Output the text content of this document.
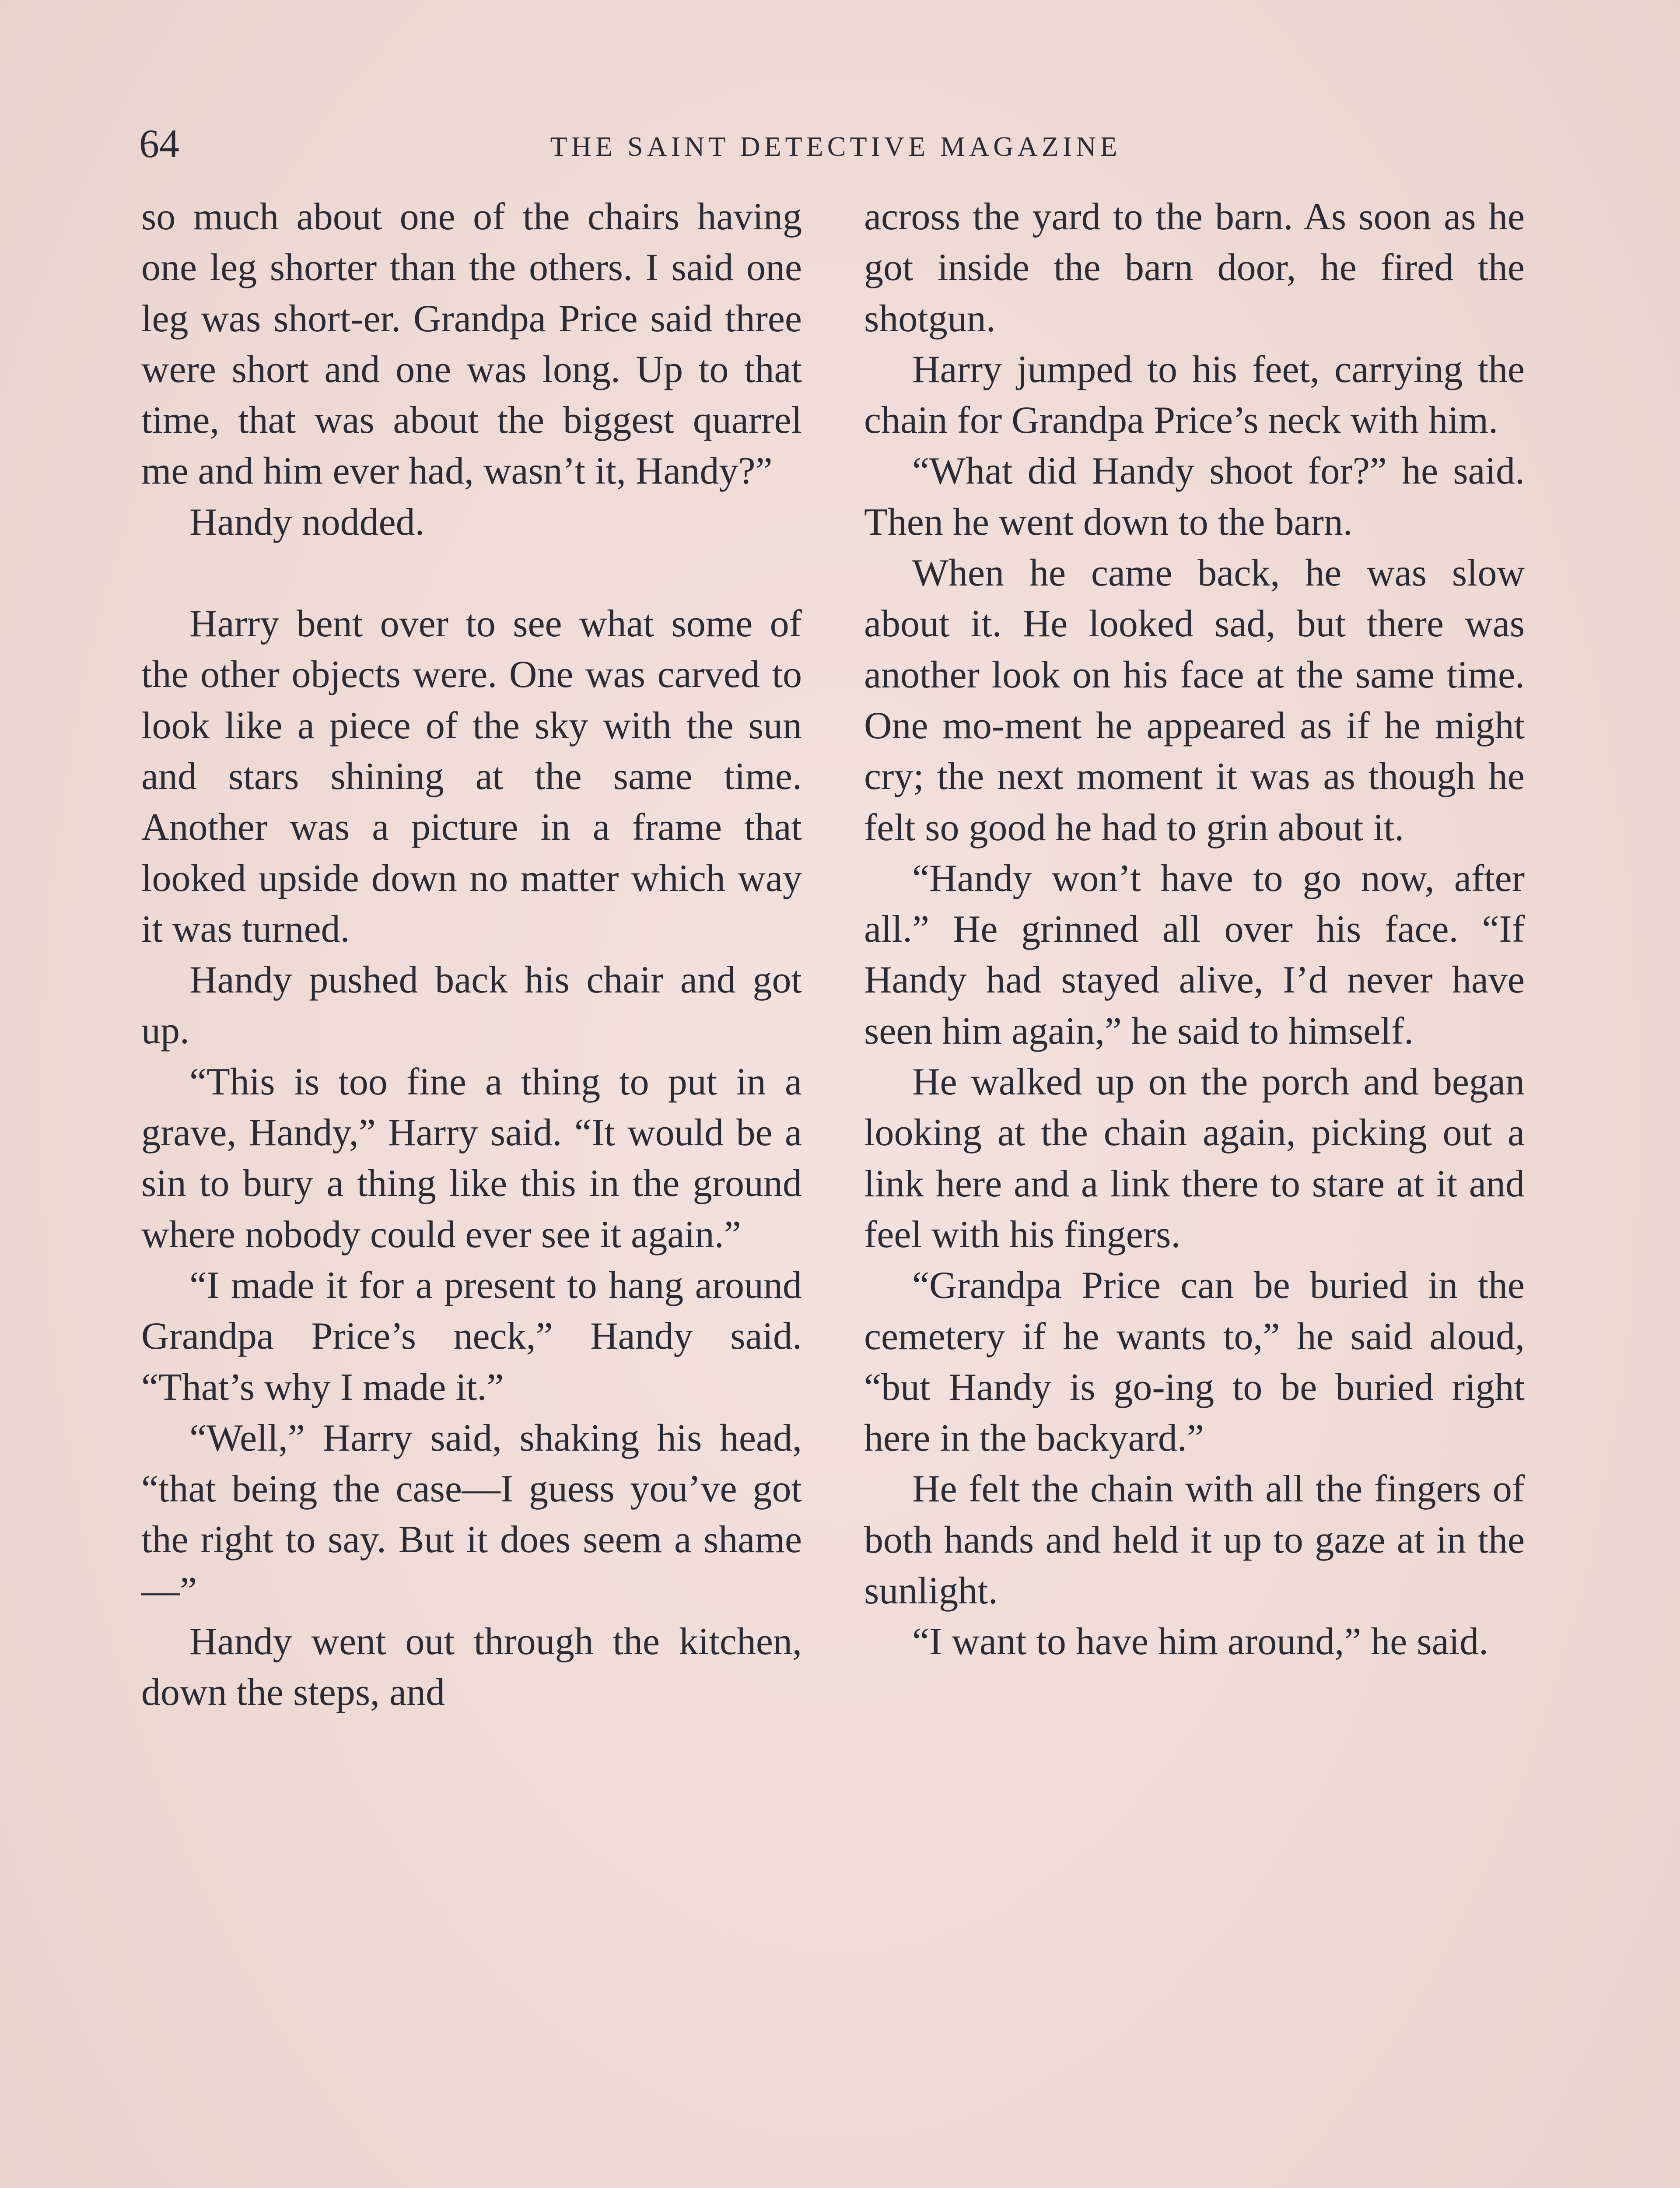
64	THE SAINT DETECTIVE MAGAZINE

so much about one of the chairs having one leg shorter than the others. I said one leg was short-er. Grandpa Price said three were short and one was long. Up to that time, that was about the biggest quarrel me and him ever had, wasn’t it, Handy?”

Handy nodded.

Harry bent over to see what some of the other objects were. One was carved to look like a piece of the sky with the sun and stars shining at the same time. Another was a picture in a frame that looked upside down no matter which way it was turned.

Handy pushed back his chair and got up.

“This is too fine a thing to put in a grave, Handy,” Harry said. “It would be a sin to bury a thing like this in the ground where nobody could ever see it again.”

“I made it for a present to hang around Grandpa Price’s neck,” Handy said. “That’s why I made it.”

“Well,” Harry said, shaking his head, “that being the case—I guess you’ve got the right to say. But it does seem a shame—”

Handy went out through the kitchen, down the steps, and

across the yard to the barn. As soon as he got inside the barn door, he fired the shotgun.

Harry jumped to his feet, carrying the chain for Grandpa Price’s neck with him.

“What did Handy shoot for?” he said. Then he went down to the barn.

When he came back, he was slow about it. He looked sad, but there was another look on his face at the same time. One mo-ment he appeared as if he might cry; the next moment it was as though he felt so good he had to grin about it.

“Handy won’t have to go now, after all.” He grinned all over his face. “If Handy had stayed alive, I’d never have seen him again,” he said to himself.

He walked up on the porch and began looking at the chain again, picking out a link here and a link there to stare at it and feel with his fingers.

“Grandpa Price can be buried in the cemetery if he wants to,” he said aloud, “but Handy is go-ing to be buried right here in the backyard.”

He felt the chain with all the fingers of both hands and held it up to gaze at in the sunlight.

“I want to have him around,” he said.
